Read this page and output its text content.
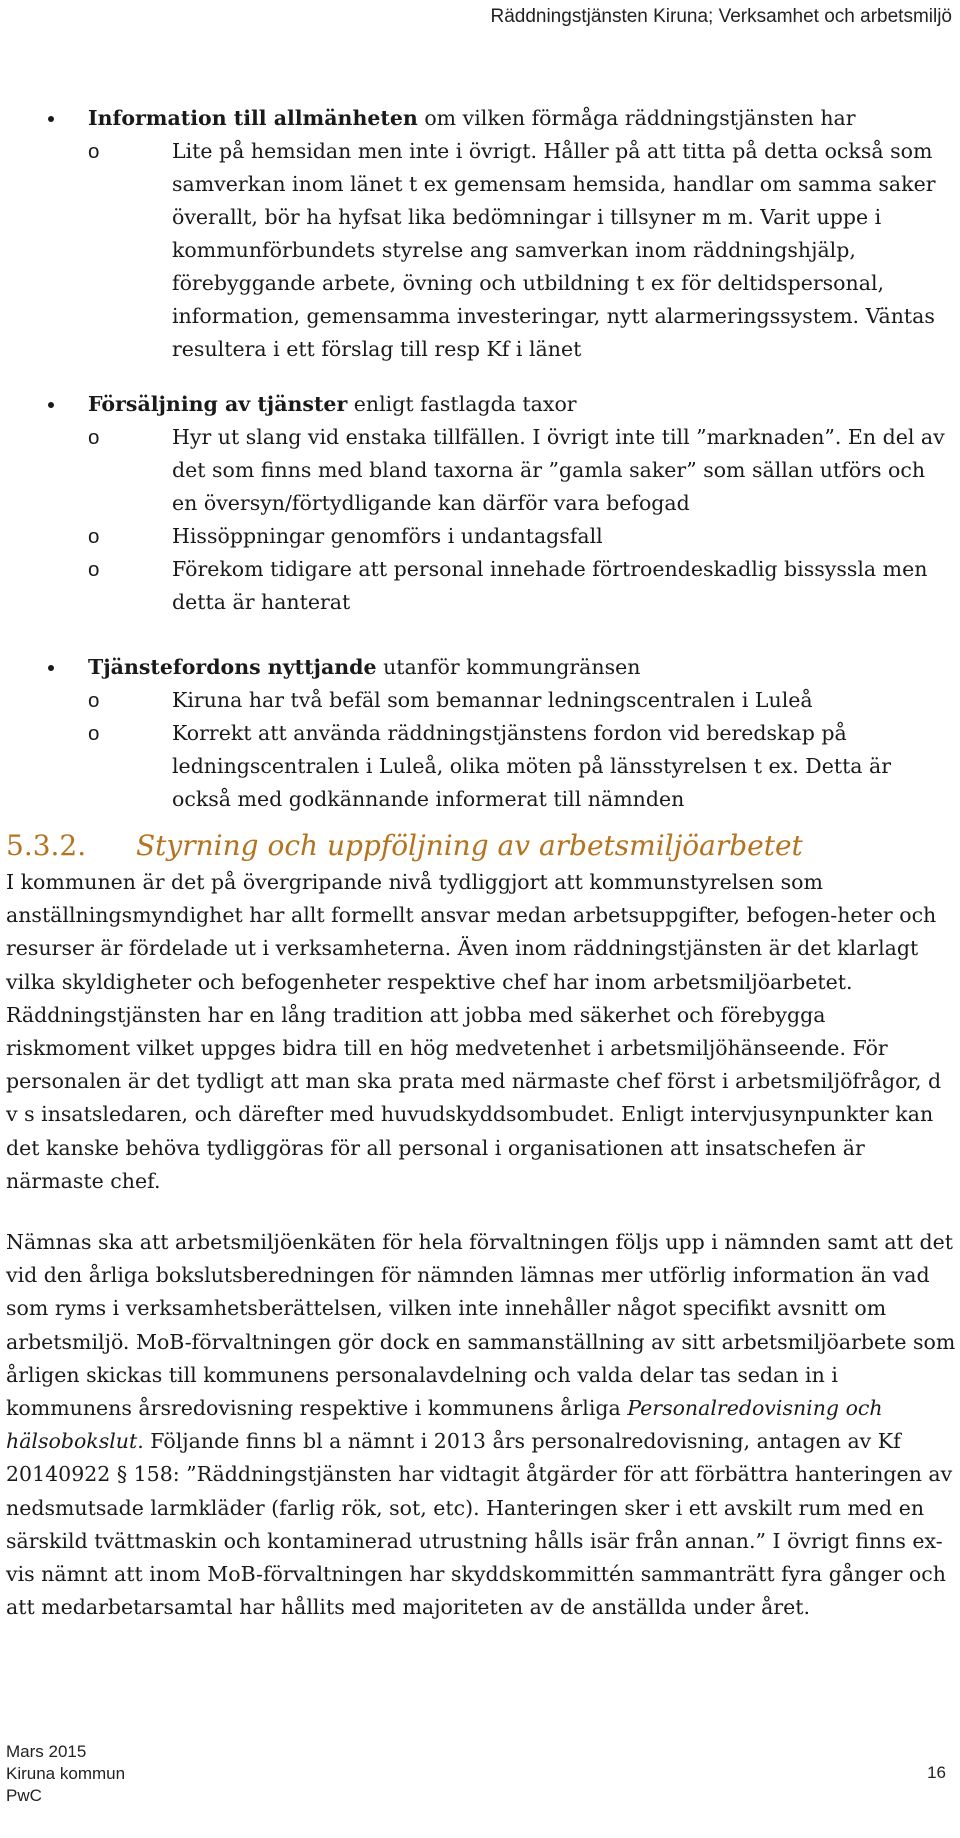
Räddningstjänsten Kiruna; Verksamhet och arbetsmiljö
Information till allmänheten om vilken förmåga räddningstjänsten har
o	Lite på hemsidan men inte i övrigt. Håller på att titta på detta också som samverkan inom länet t ex gemensam hemsida, handlar om samma saker överallt, bör ha hyfsat lika bedömningar i tillsyner m m. Varit uppe i kommunförbundets styrelse ang samverkan inom räddningshjälp, förebyggande arbete, övning och utbildning t ex för deltidspersonal, information, gemensamma investeringar, nytt alarmeringssystem. Väntas resultera i ett förslag till resp Kf i länet
Försäljning av tjänster enligt fastlagda taxor
o	Hyr ut slang vid enstaka tillfällen. I övrigt inte till ”marknaden”. En del av det som finns med bland taxorna är ”gamla saker” som sällan utförs och en översyn/förtydligande kan därför vara befogad
o	Hissöppningar genomförs i undantagsfall
o	Förekom tidigare att personal innehade förtroendeskadlig bissyssla men detta är hanterat
Tjänstefordons nyttjande utanför kommungränsen
o	Kiruna har två befäl som bemannar ledningscentralen i Luleå
o	Korrekt att använda räddningstjänstens fordon vid beredskap på ledningscentralen i Luleå, olika möten på länsstyrelsen t ex. Detta är också med godkännande informerat till nämnden
5.3.2. Styrning och uppföljning av arbetsmiljöarbetet

I kommunen är det på övergripande nivå tydliggjort att kommunstyrelsen som anställningsmyndighet har allt formellt ansvar medan arbetsuppgifter, befogen-heter och resurser är fördelade ut i verksamheterna. Även inom räddningstjänsten är det klarlagt vilka skyldigheter och befogenheter respektive chef har inom arbetsmiljöarbetet. Räddningstjänsten har en lång tradition att jobba med säkerhet och förebygga riskmoment vilket uppges bidra till en hög medvetenhet i arbetsmiljöhänseende. För personalen är det tydligt att man ska prata med närmaste chef först i arbetsmiljöfrågor, d v s insatsledaren, och därefter med huvudskyddsombudet. Enligt intervjusynpunkter kan det kanske behöva tydliggöras för all personal i organisationen att insatschefen är närmaste chef.

Nämnas ska att arbetsmiljöenkäten för hela förvaltningen följs upp i nämnden samt att det vid den årliga bokslutsberedningen för nämnden lämnas mer utförlig information än vad som ryms i verksamhetsberättelsen, vilken inte innehåller något specifikt avsnitt om arbetsmiljö. MoB-förvaltningen gör dock en sammanställning av sitt arbetsmiljöarbete som årligen skickas till kommunens personalavdelning och valda delar tas sedan in i kommunens årsredovisning respektive i kommunens årliga Personalredovisning och hälsobokslut. Följande finns bl a nämnt i 2013 års personalredovisning, antagen av Kf 20140922 § 158: ”Räddningstjänsten har vidtagit åtgärder för att förbättra hanteringen av nedsmutsade larmkläder (farlig rök, sot, etc). Hanteringen sker i ett avskilt rum med en särskild tvättmaskin och kontaminerad utrustning hålls isär från annan.” I övrigt finns ex-vis nämnt att inom MoB-förvaltningen har skyddskommittén sammanträtt fyra gånger och att medarbetarsamtal har hållits med majoriteten av de anställda under året.

Mars 2015
Kiruna kommun
PwC
16
